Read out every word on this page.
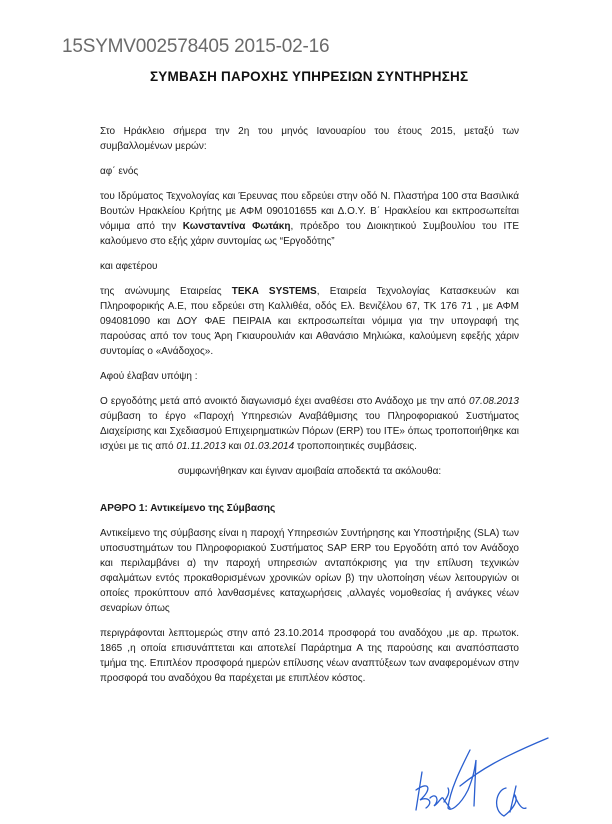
15SYMV002578405 2015-02-16
ΣΥΜΒΑΣΗ ΠΑΡΟΧΗΣ ΥΠΗΡΕΣΙΩΝ ΣΥΝΤΗΡΗΣΗΣ
Στο Ηράκλειο σήμερα την 2η του μηνός Ιανουαρίου του έτους 2015, μεταξύ των συμβαλλομένων μερών:
αφ΄ ενός
του Ιδρύματος Τεχνολογίας και Έρευνας που εδρεύει στην οδό Ν. Πλαστήρα 100 στα Βασιλικά Βουτών Ηρακλείου Κρήτης με ΑΦΜ 090101655 και Δ.Ο.Υ. Β΄ Ηρακλείου και εκπροσωπείται νόμιμα από την Κωνσταντίνα Φωτάκη, πρόεδρο του Διοικητικού Συμβουλίου του ΙΤΕ καλούμενο στο εξής χάριν συντομίας ως “Εργοδότης”
και αφετέρου
της ανώνυμης Εταιρείας TEKA SYSTEMS, Εταιρεία Τεχνολογίας Κατασκευών και Πληροφορικής Α.Ε, που εδρεύει στη Καλλιθέα, οδός Ελ. Βενιζέλου 67, ΤΚ 176 71 , με ΑΦΜ 094081090 και ΔΟΥ ΦΑΕ ΠΕΙΡΑΙΑ και εκπροσωπείται νόμιμα για την υπογραφή της παρούσας από τον τους Άρη Γκιαυρουλιάν και Αθανάσιο Μηλιώκα, καλούμενη εφεξής χάριν συντομίας ο «Ανάδοχος».
Αφού έλαβαν υπόψη :
Ο εργοδότης μετά από ανοικτό διαγωνισμό έχει αναθέσει στο Ανάδοχο με την από 07.08.2013 σύμβαση το έργο «Παροχή Υπηρεσιών Αναβάθμισης του Πληροφοριακού Συστήματος Διαχείρισης και Σχεδιασμού Επιχειρηματικών Πόρων (ERP) του ΙΤΕ» όπως τροποποιήθηκε και ισχύει με τις από 01.11.2013 και 01.03.2014 τροποποιητικές συμβάσεις.
συμφωνήθηκαν και έγιναν αμοιβαία αποδεκτά τα ακόλουθα:
ΑΡΘΡΟ 1: Αντικείμενο της Σύμβασης
Αντικείμενο της σύμβασης είναι η παροχή Υπηρεσιών Συντήρησης και Υποστήριξης (SLA) των υποσυστημάτων του Πληροφοριακού Συστήματος SAP ERP του Εργοδότη από τον Ανάδοχο και περιλαμβάνει α) την παροχή υπηρεσιών ανταπόκρισης για την επίλυση τεχνικών σφαλμάτων εντός προκαθορισμένων χρονικών ορίων β) την υλοποίηση νέων λειτουργιών οι οποίες προκύπτουν από λανθασμένες καταχωρήσεις ,αλλαγές νομοθεσίας ή ανάγκες νέων σεναρίων όπως
περιγράφονται λεπτομερώς στην από 23.10.2014 προσφορά του αναδόχου ,με αρ. πρωτοκ. 1865 ,η οποία επισυνάπτεται και αποτελεί Παράρτημα Α της παρούσης και αναπόσπαστο τμήμα της. Επιπλέον προσφορά ημερών επίλυσης νέων αναπτύξεων των αναφερομένων στην προσφορά του αναδόχου θα παρέχεται με επιπλέον κόστος.
